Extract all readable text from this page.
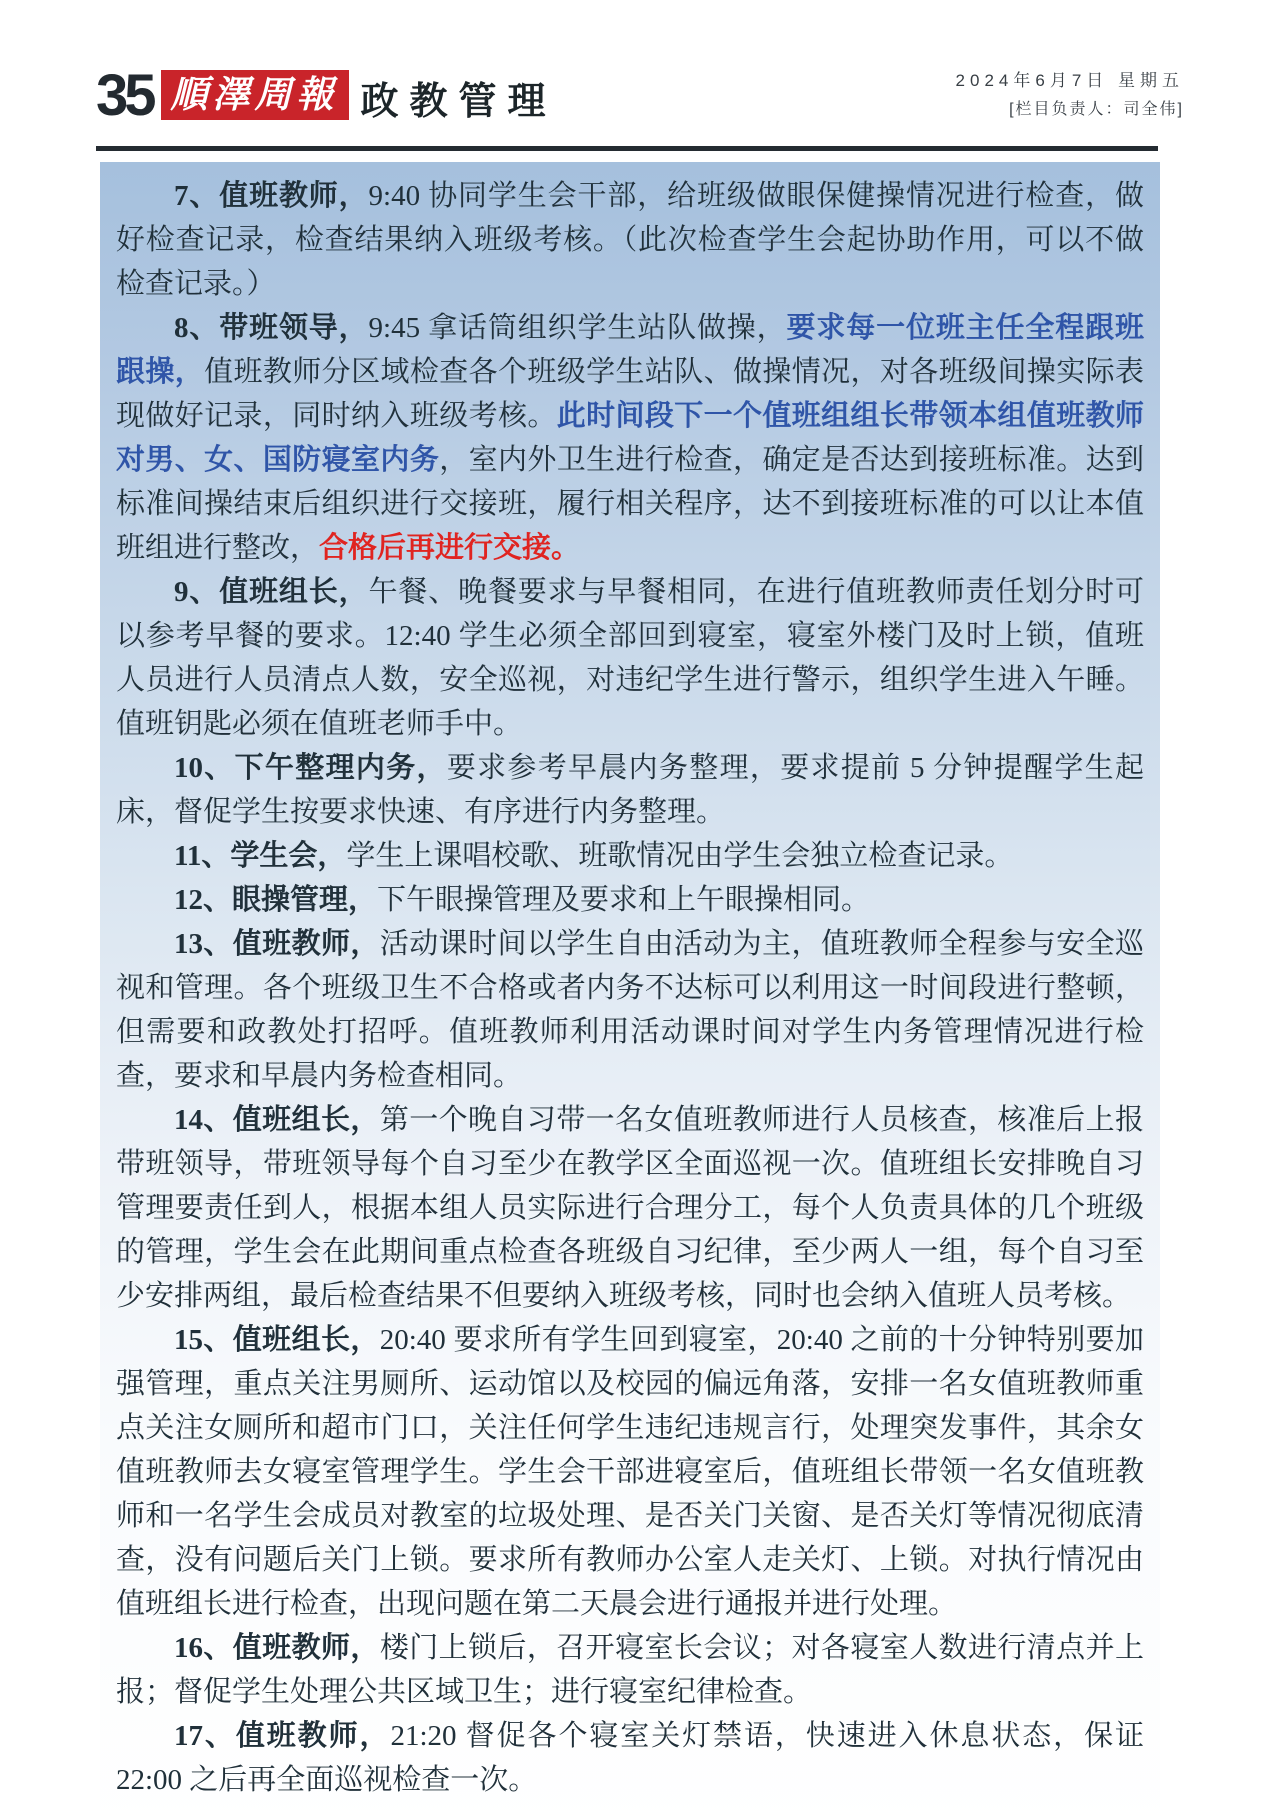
35 順澤周報 政教管理
2024年6月7日 星期五
[栏目负责人：司全伟]

7、值班教师，9:40 协同学生会干部，给班级做眼保健操情况进行检查，做好检查记录，检查结果纳入班级考核。（此次检查学生会起协助作用，可以不做检查记录。）

8、带班领导，9:45 拿话筒组织学生站队做操，要求每一位班主任全程跟班跟操，值班教师分区域检查各个班级学生站队、做操情况，对各班级间操实际表现做好记录，同时纳入班级考核。此时间段下一个值班组组长带领本组值班教师对男、女、国防寝室内务，室内外卫生进行检查，确定是否达到接班标准。达到标准间操结束后组织进行交接班，履行相关程序，达不到接班标准的可以让本值班组进行整改，合格后再进行交接。

9、值班组长，午餐、晚餐要求与早餐相同，在进行值班教师责任划分时可以参考早餐的要求。12:40 学生必须全部回到寝室，寝室外楼门及时上锁，值班人员进行人员清点人数，安全巡视，对违纪学生进行警示，组织学生进入午睡。值班钥匙必须在值班老师手中。

10、下午整理内务，要求参考早晨内务整理，要求提前 5 分钟提醒学生起床，督促学生按要求快速、有序进行内务整理。

11、学生会，学生上课唱校歌、班歌情况由学生会独立检查记录。

12、眼操管理，下午眼操管理及要求和上午眼操相同。

13、值班教师，活动课时间以学生自由活动为主，值班教师全程参与安全巡视和管理。各个班级卫生不合格或者内务不达标可以利用这一时间段进行整顿，但需要和政教处打招呼。值班教师利用活动课时间对学生内务管理情况进行检查，要求和早晨内务检查相同。

14、值班组长，第一个晚自习带一名女值班教师进行人员核查，核准后上报带班领导，带班领导每个自习至少在教学区全面巡视一次。值班组长安排晚自习管理要责任到人，根据本组人员实际进行合理分工，每个人负责具体的几个班级的管理，学生会在此期间重点检查各班级自习纪律，至少两人一组，每个自习至少安排两组，最后检查结果不但要纳入班级考核，同时也会纳入值班人员考核。

15、值班组长，20:40 要求所有学生回到寝室，20:40 之前的十分钟特别要加强管理，重点关注男厕所、运动馆以及校园的偏远角落，安排一名女值班教师重点关注女厕所和超市门口，关注任何学生违纪违规言行，处理突发事件，其余女值班教师去女寝室管理学生。学生会干部进寝室后，值班组长带领一名女值班教师和一名学生会成员对教室的垃圾处理、是否关门关窗、是否关灯等情况彻底清查，没有问题后关门上锁。要求所有教师办公室人走关灯、上锁。对执行情况由值班组长进行检查，出现问题在第二天晨会进行通报并进行处理。

16、值班教师，楼门上锁后，召开寝室长会议；对各寝室人数进行清点并上报；督促学生处理公共区域卫生；进行寝室纪律检查。

17、值班教师，21:20 督促各个寝室关灯禁语，快速进入休息状态，保证 22:00 之后再全面巡视检查一次。
